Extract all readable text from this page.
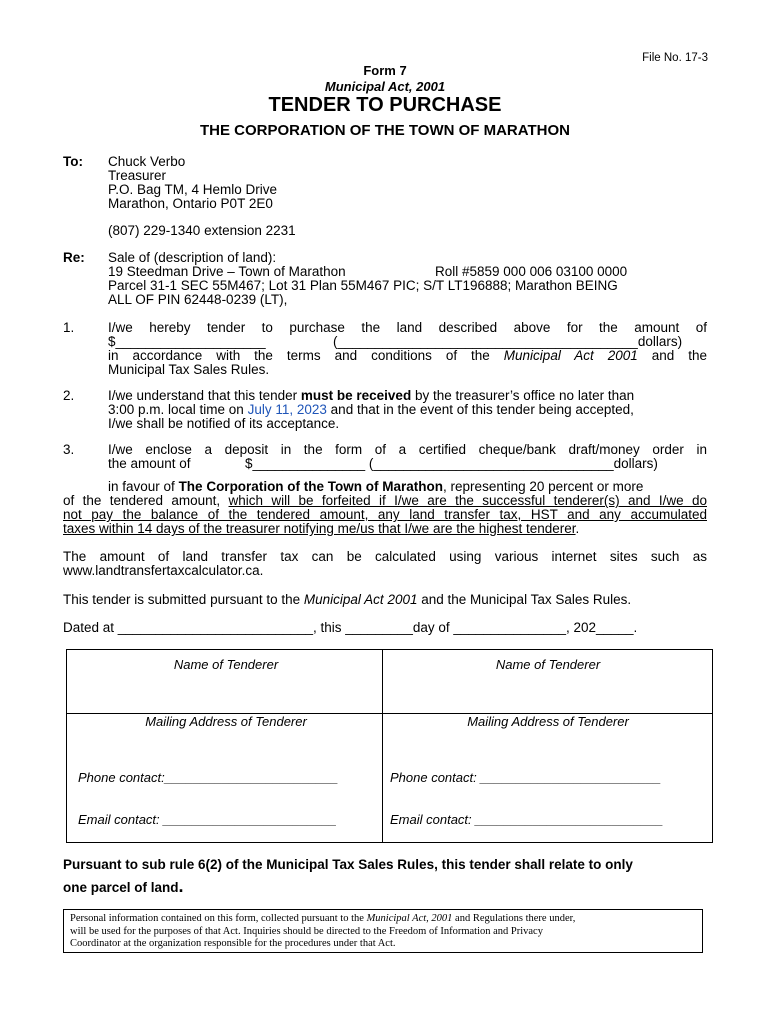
File No. 17-3
Form 7
Municipal Act, 2001
TENDER TO PURCHASE
THE CORPORATION OF THE TOWN OF MARATHON
To: Chuck Verbo
Treasurer
P.O. Bag TM, 4 Hemlo Drive
Marathon, Ontario P0T 2E0
(807) 229-1340 extension 2231
Re: Sale of (description of land):
19 Steedman Drive – Town of Marathon	Roll #5859 000 006 03100 0000
Parcel 31-1 SEC 55M467; Lot 31 Plan 55M467 PIC; S/T LT196888; Marathon BEING
ALL OF PIN 62448-0239 (LT),
1. I/we hereby tender to purchase the land described above for the amount of
$____________________	(________________________________________dollars)
in accordance with the terms and conditions of the Municipal Act 2001 and the
Municipal Tax Sales Rules.
2. I/we understand that this tender must be received by the treasurer’s office no later than
3:00 p.m. local time on July 11, 2023 and that in the event of this tender being accepted,
I/we shall be notified of its acceptance.
3. I/we enclose a deposit in the form of a certified cheque/bank draft/money order in
the amount of	$_______________ (________________________________dollars)
in favour of The Corporation of the Town of Marathon, representing 20 percent or more
of the tendered amount, which will be forfeited if I/we are the successful tenderer(s) and I/we do
not pay the balance of the tendered amount, any land transfer tax, HST and any accumulated
taxes within 14 days of the treasurer notifying me/us that I/we are the highest tenderer.
The amount of land transfer tax can be calculated using various internet sites such as
www.landtransfertaxcalculator.ca.
This tender is submitted pursuant to the Municipal Act 2001 and the Municipal Tax Sales Rules.
Dated at __________________________, this _________day of _______________, 202_____.
Name of Tenderer	Name of Tenderer
Mailing Address of Tenderer	Mailing Address of Tenderer
Phone contact:________________________	Phone contact: _________________________
Email contact: ________________________	Email contact: __________________________
Pursuant to sub rule 6(2) of the Municipal Tax Sales Rules, this tender shall relate to only
one parcel of land.
Personal information contained on this form, collected pursuant to the Municipal Act, 2001 and Regulations there under,
will be used for the purposes of that Act. Inquiries should be directed to the Freedom of Information and Privacy
Coordinator at the organization responsible for the procedures under that Act.
